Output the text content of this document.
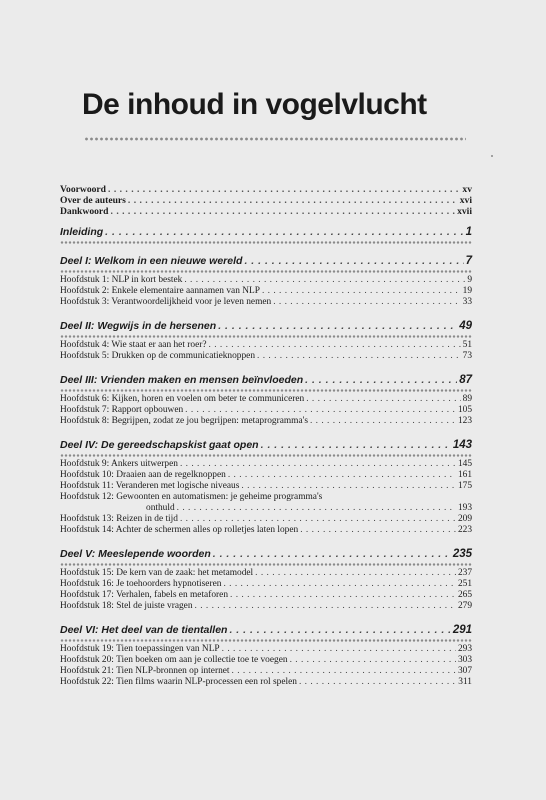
De inhoud in vogelvlucht
Voorwoord . . .	xv
Over de auteurs . . .	xvi
Dankwoord . . .	xvii
Inleiding . . .	1
Deel I: Welkom in een nieuwe wereld . . .	7
Hoofdstuk 1: NLP in kort bestek . . .	9
Hoofdstuk 2: Enkele elementaire aannamen van NLP . . .	19
Hoofdstuk 3: Verantwoordelijkheid voor je leven nemen . . .	33
Deel II: Wegwijs in de hersenen . . .	49
Hoofdstuk 4: Wie staat er aan het roer? . . .	51
Hoofdstuk 5: Drukken op de communicatieknoppen . . .	73
Deel III: Vrienden maken en mensen beïnvloeden . . .	87
Hoofdstuk 6: Kijken, horen en voelen om beter te communiceren . . .	89
Hoofdstuk 7: Rapport opbouwen . . .	105
Hoofdstuk 8: Begrijpen, zodat ze jou begrijpen: metaprogramma's . . .	123
Deel IV: De gereedschapskist gaat open . . .	143
Hoofdstuk 9: Ankers uitwerpen . . .	145
Hoofdstuk 10: Draaien aan de regelknoppen . . .	161
Hoofdstuk 11: Veranderen met logische niveaus . . .	175
Hoofdstuk 12: Gewoonten en automatismen: je geheime programma's
onthuld . . .	193
Hoofdstuk 13: Reizen in de tijd . . .	209
Hoofdstuk 14: Achter de schermen alles op rolletjes laten lopen . . .	223
Deel V: Meeslepende woorden . . .	235
Hoofdstuk 15: De kern van de zaak: het metamodel . . .	237
Hoofdstuk 16: Je toehoorders hypnotiseren . . .	251
Hoofdstuk 17: Verhalen, fabels en metaforen . . .	265
Hoofdstuk 18: Stel de juiste vragen . . .	279
Deel VI: Het deel van de tientallen . . .	291
Hoofdstuk 19: Tien toepassingen van NLP . . .	293
Hoofdstuk 20: Tien boeken om aan je collectie toe te voegen . . .	303
Hoofdstuk 21: Tien NLP-bronnen op internet . . .	307
Hoofdstuk 22: Tien films waarin NLP-processen een rol spelen . . .	311
